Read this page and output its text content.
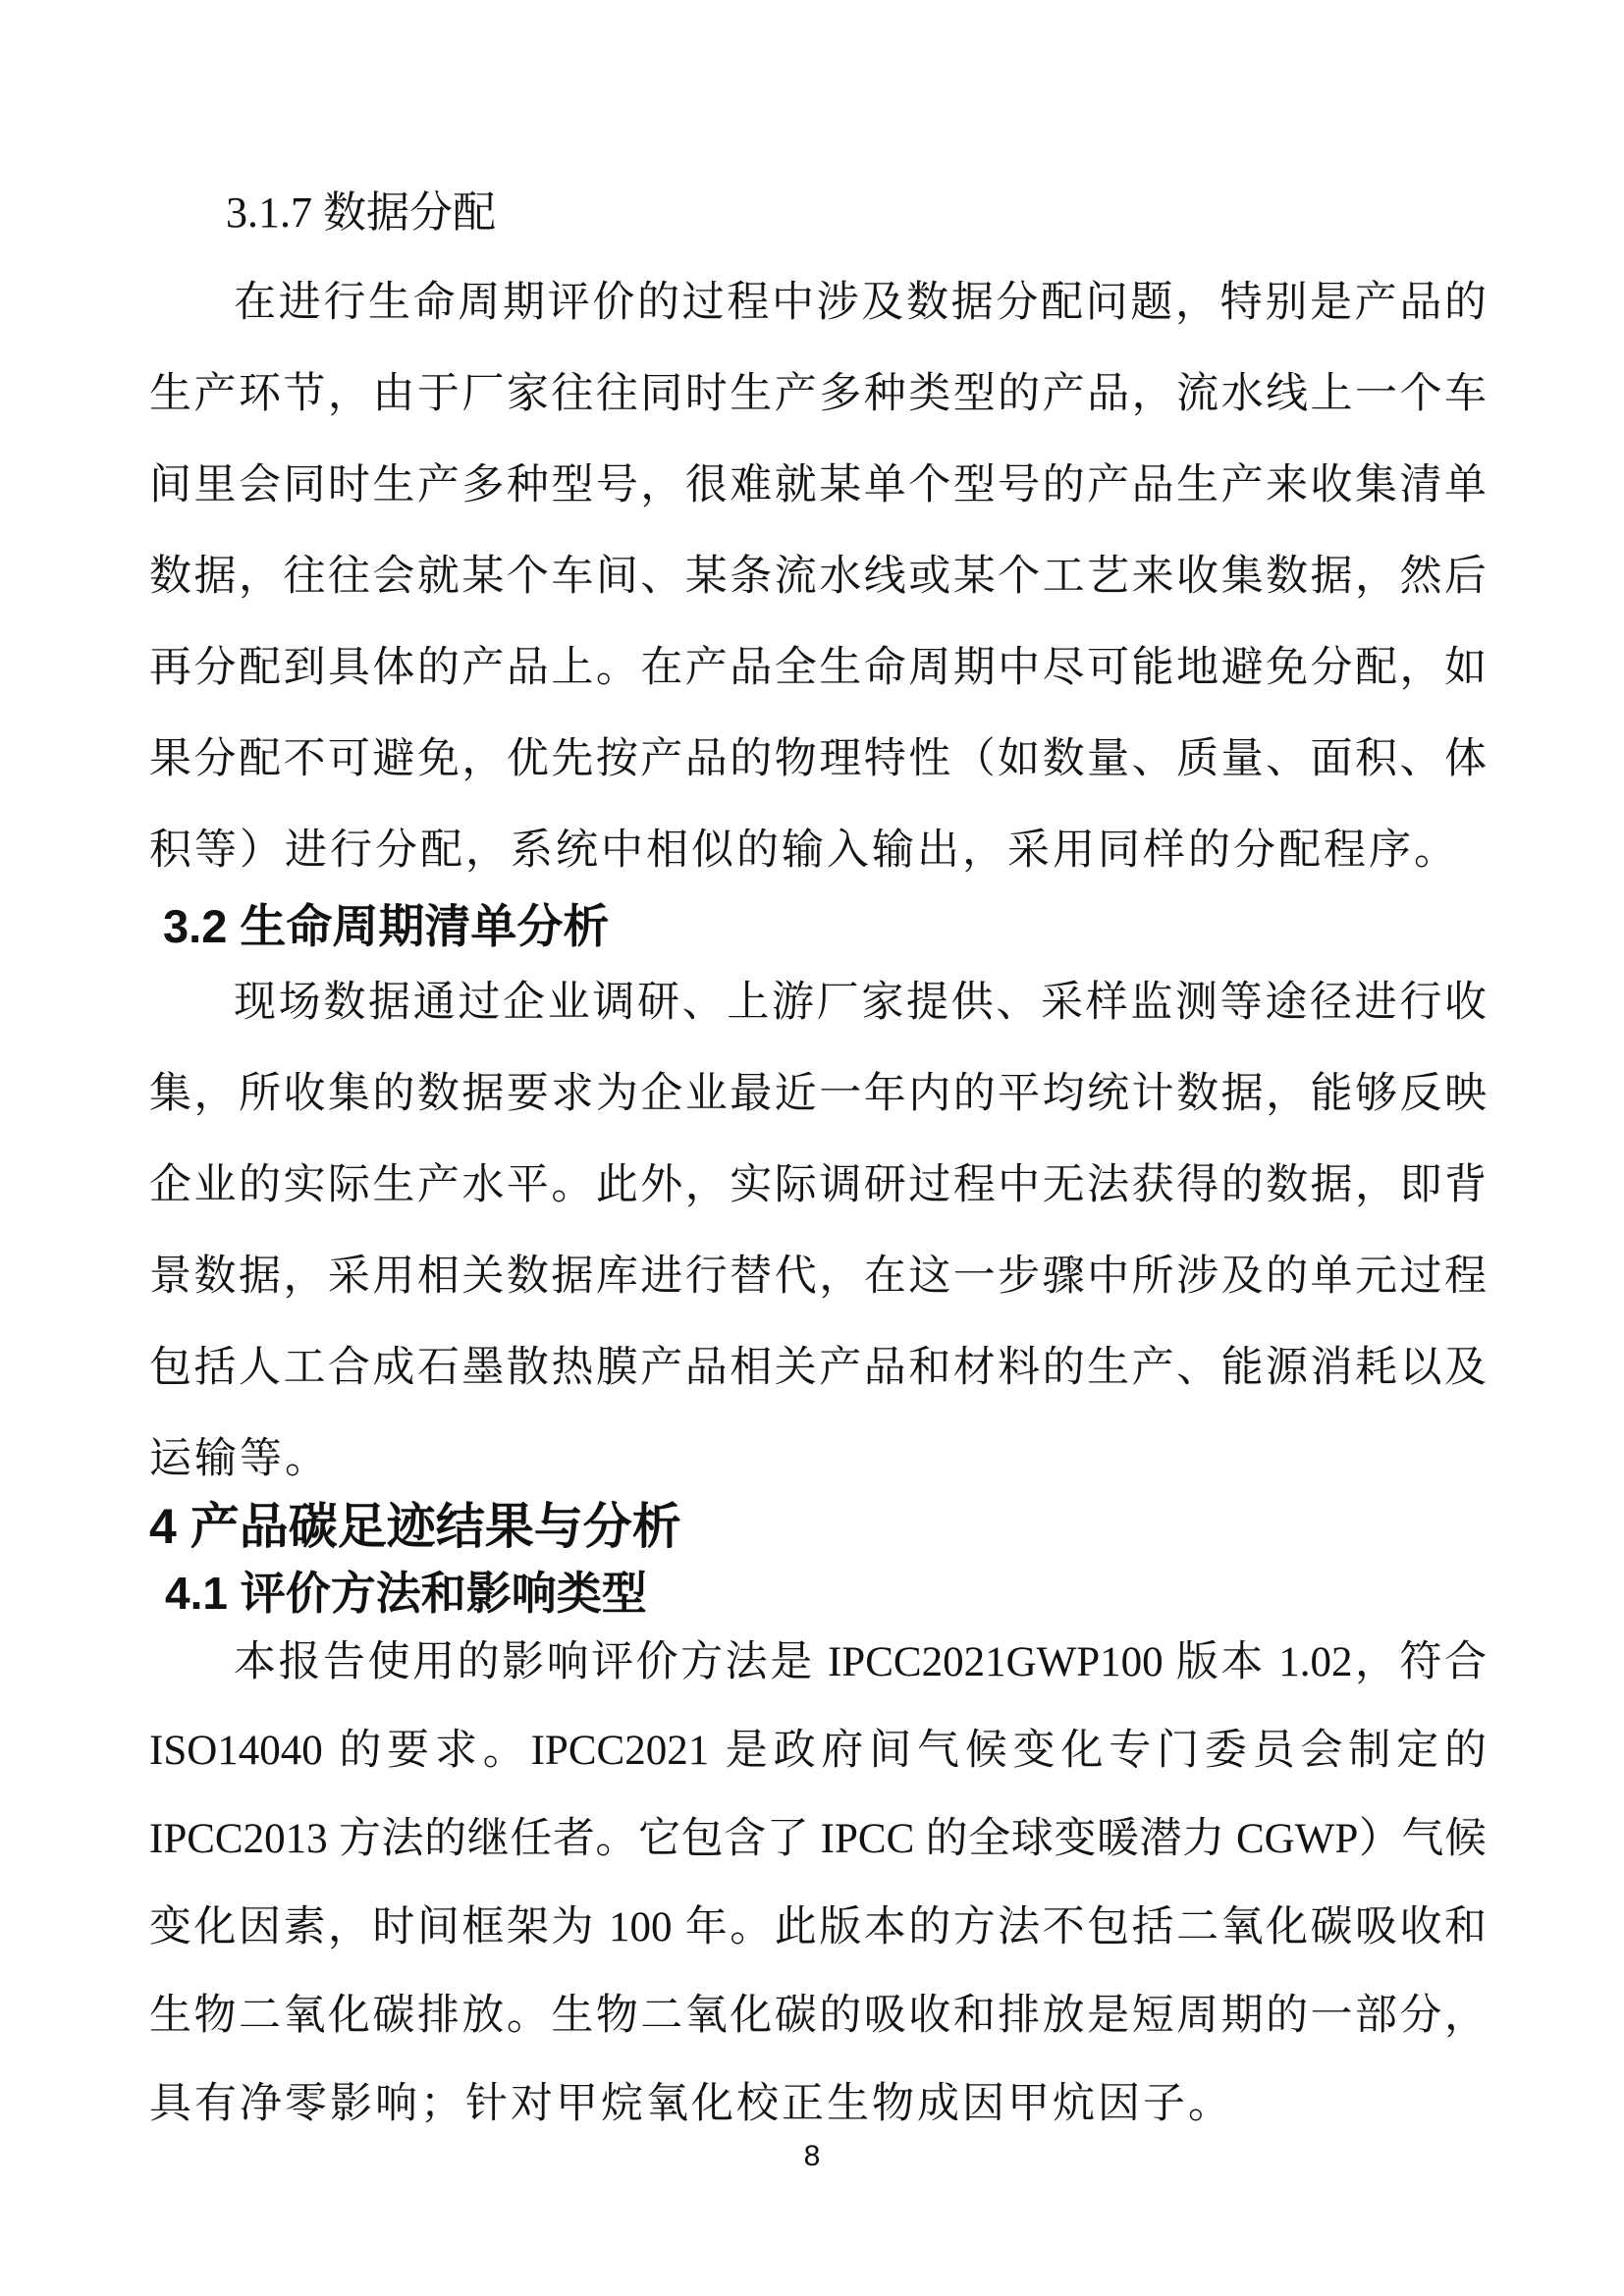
3.1.7 数据分配
在进行生命周期评价的过程中涉及数据分配问题，特别是产品的
生产环节，由于厂家往往同时生产多种类型的产品，流水线上一个车
间里会同时生产多种型号，很难就某单个型号的产品生产来收集清单
数据，往往会就某个车间、某条流水线或某个工艺来收集数据，然后
再分配到具体的产品上。在产品全生命周期中尽可能地避免分配，如
果分配不可避免，优先按产品的物理特性（如数量、质量、面积、体
积等）进行分配，系统中相似的输入输出，采用同样的分配程序。
3.2 生命周期清单分析
现场数据通过企业调研、上游厂家提供、采样监测等途径进行收
集，所收集的数据要求为企业最近一年内的平均统计数据，能够反映
企业的实际生产水平。此外，实际调研过程中无法获得的数据，即背
景数据，采用相关数据库进行替代，在这一步骤中所涉及的单元过程
包括人工合成石墨散热膜产品相关产品和材料的生产、能源消耗以及
运输等。
4 产品碳足迹结果与分析
4.1 评价方法和影响类型
本报告使用的影响评价方法是 IPCC2021GWP100 版本 1.02，符合
ISO14040 的要求。IPCC2021 是政府间气候变化专门委员会制定的
IPCC2013 方法的继任者。它包含了 IPCC 的全球变暖潜力 CGWP）气候
变化因素，时间框架为 100 年。此版本的方法不包括二氧化碳吸收和
生物二氧化碳排放。生物二氧化碳的吸收和排放是短周期的一部分，
具有净零影响；针对甲烷氧化校正生物成因甲炕因子。
8
